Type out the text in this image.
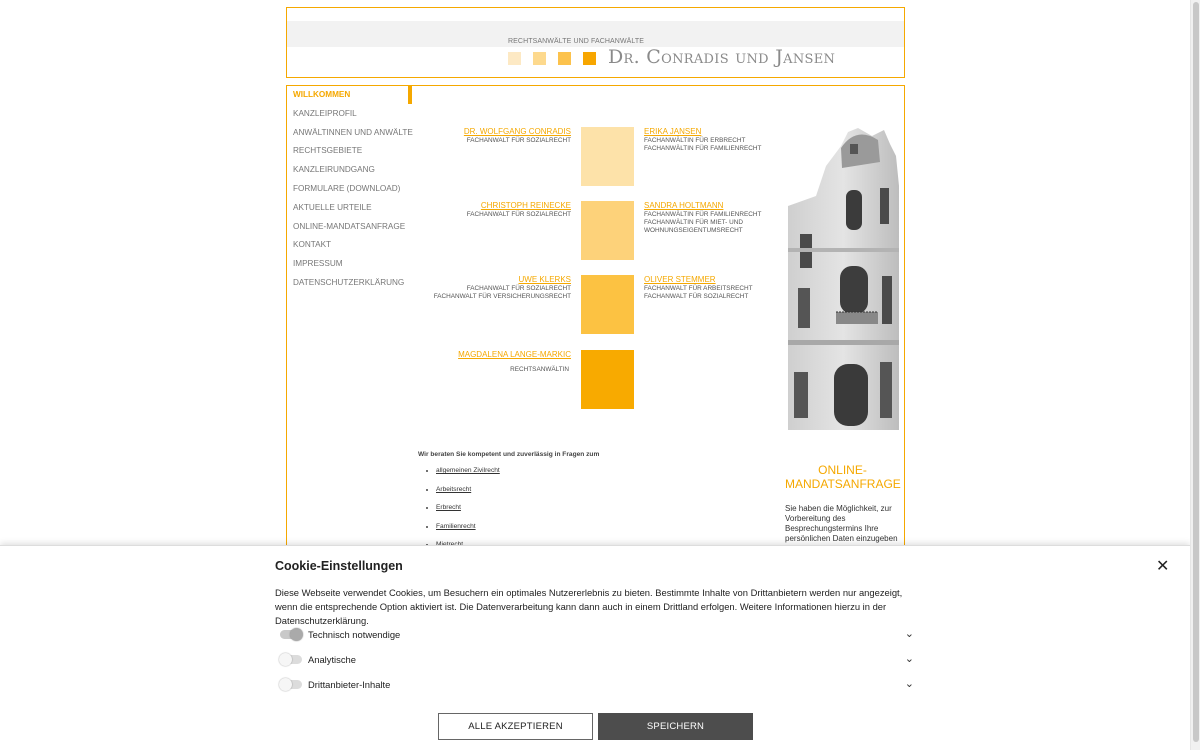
RECHTSANWÄLTE UND FACHANWÄLTE
Dr. Conradis und Jansen
WILLKOMMEN
KANZLEIPROFIL
ANWÄLTINNEN UND ANWÄLTE
RECHTSGEBIETE
KANZLEIRUNDGANG
FORMULARE (DOWNLOAD)
AKTUELLE URTEILE
ONLINE-MANDATSANFRAGE
KONTAKT
IMPRESSUM
DATENSCHUTZERKLÄRUNG
DR. WOLFGANG CONRADIS
FACHANWALT FÜR SOZIALRECHT
CHRISTOPH REINECKE
FACHANWALT FÜR SOZIALRECHT
UWE KLERKS
FACHANWALT FÜR SOZIALRECHT
FACHANWALT FÜR VERSICHERUNGSRECHT
MAGDALENA LANGE-MARKIC
RECHTSANWÄLTIN
ERIKA JANSEN
FACHANWÄLTIN FÜR ERBRECHT
FACHANWÄLTIN FÜR FAMILIENRECHT
SANDRA HOLTMANN
FACHANWÄLTIN FÜR FAMILIENRECHT
FACHANWÄLTIN FÜR MIET- UND
WOHNUNGSEIGENTUMSRECHT
OLIVER STEMMER
FACHANWALT FÜR ARBEITSRECHT
FACHANWALT FÜR SOZIALRECHT
Wir beraten Sie kompetent und zuverlässig in Fragen zum
• allgemeinen Zivilrecht
• Arbeitsrecht
• Erbrecht
• Familienrecht
•
ONLINE-MANDATSANFRAGE
Sie haben die Möglichkeit, zur Vorbereitung des Besprechungstermins Ihre persönlichen Daten einzugeben
Cookie-Einstellungen	✕
Diese Webseite verwendet Cookies, um Besuchern ein optimales Nutzererlebnis zu bieten. Bestimmte Inhalte von Drittanbietern werden nur angezeigt, wenn die entsprechende Option aktiviert ist. Die Datenverarbeitung kann dann auch in einem Drittland erfolgen. Weitere Informationen hierzu in der Datenschutzerklärung.
Technisch notwendige	⌄
Analytische	⌄
Drittanbieter-Inhalte	⌄
ALLE AKZEPTIEREN	SPEICHERN
